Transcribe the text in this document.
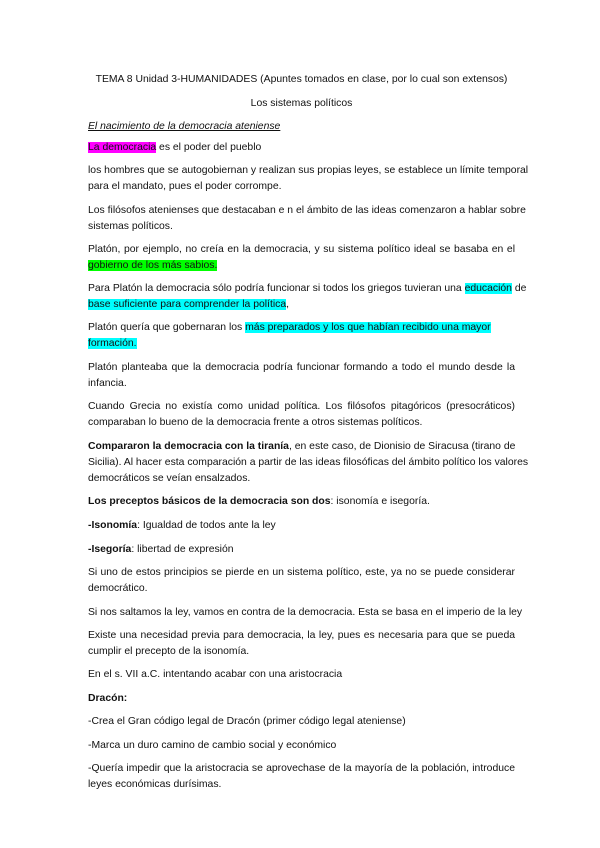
TEMA 8 Unidad 3-HUMANIDADES (Apuntes tomados en clase, por lo cual son extensos)
Los sistemas políticos
El nacimiento de la democracia ateniense
La democracia es el poder del pueblo
los hombres que se autogobiernan y realizan sus propias leyes, se establece un límite temporal
para el mandato, pues el poder corrompe.
Los filósofos atenienses que destacaban e n el ámbito de las ideas comenzaron a hablar sobre
sistemas políticos.
Platón, por ejemplo, no creía en la democracia, y su sistema político ideal se basaba en el
gobierno de los más sabios.
Para Platón la democracia sólo podría funcionar si todos los griegos tuvieran una educación de
base suficiente para comprender la política,
Platón quería que gobernaran los más preparados y los que habían recibido una mayor
formación.
Platón planteaba que la democracia podría funcionar formando a todo el mundo desde la
infancia.
Cuando Grecia no existía como unidad política. Los filósofos pitagóricos (presocráticos)
comparaban lo bueno de la democracia frente a otros sistemas políticos.
Compararon la democracia con la tiranía, en este caso, de Dionisio de Siracusa (tirano de
Sicilia). Al hacer esta comparación a partir de las ideas filosóficas del ámbito político los valores
democráticos se veían ensalzados.
Los preceptos básicos de la democracia son dos: isonomía e isegoría.
-Isonomía: Igualdad de todos ante la ley
-Isegoría: libertad de expresión
Si uno de estos principios se pierde en un sistema político, este, ya no se puede considerar
democrático.
Si nos saltamos la ley, vamos en contra de la democracia. Esta se basa en el imperio de la ley
Existe una necesidad previa para democracia, la ley, pues es necesaria para que se pueda
cumplir el precepto de la isonomía.
En el s. VII a.C. intentando acabar con una aristocracia
Dracón:
-Crea el Gran código legal de Dracón (primer código legal ateniense)
-Marca un duro camino de cambio social y económico
-Quería impedir que la aristocracia se aprovechase de la mayoría de la población, introduce
leyes económicas durísimas.
